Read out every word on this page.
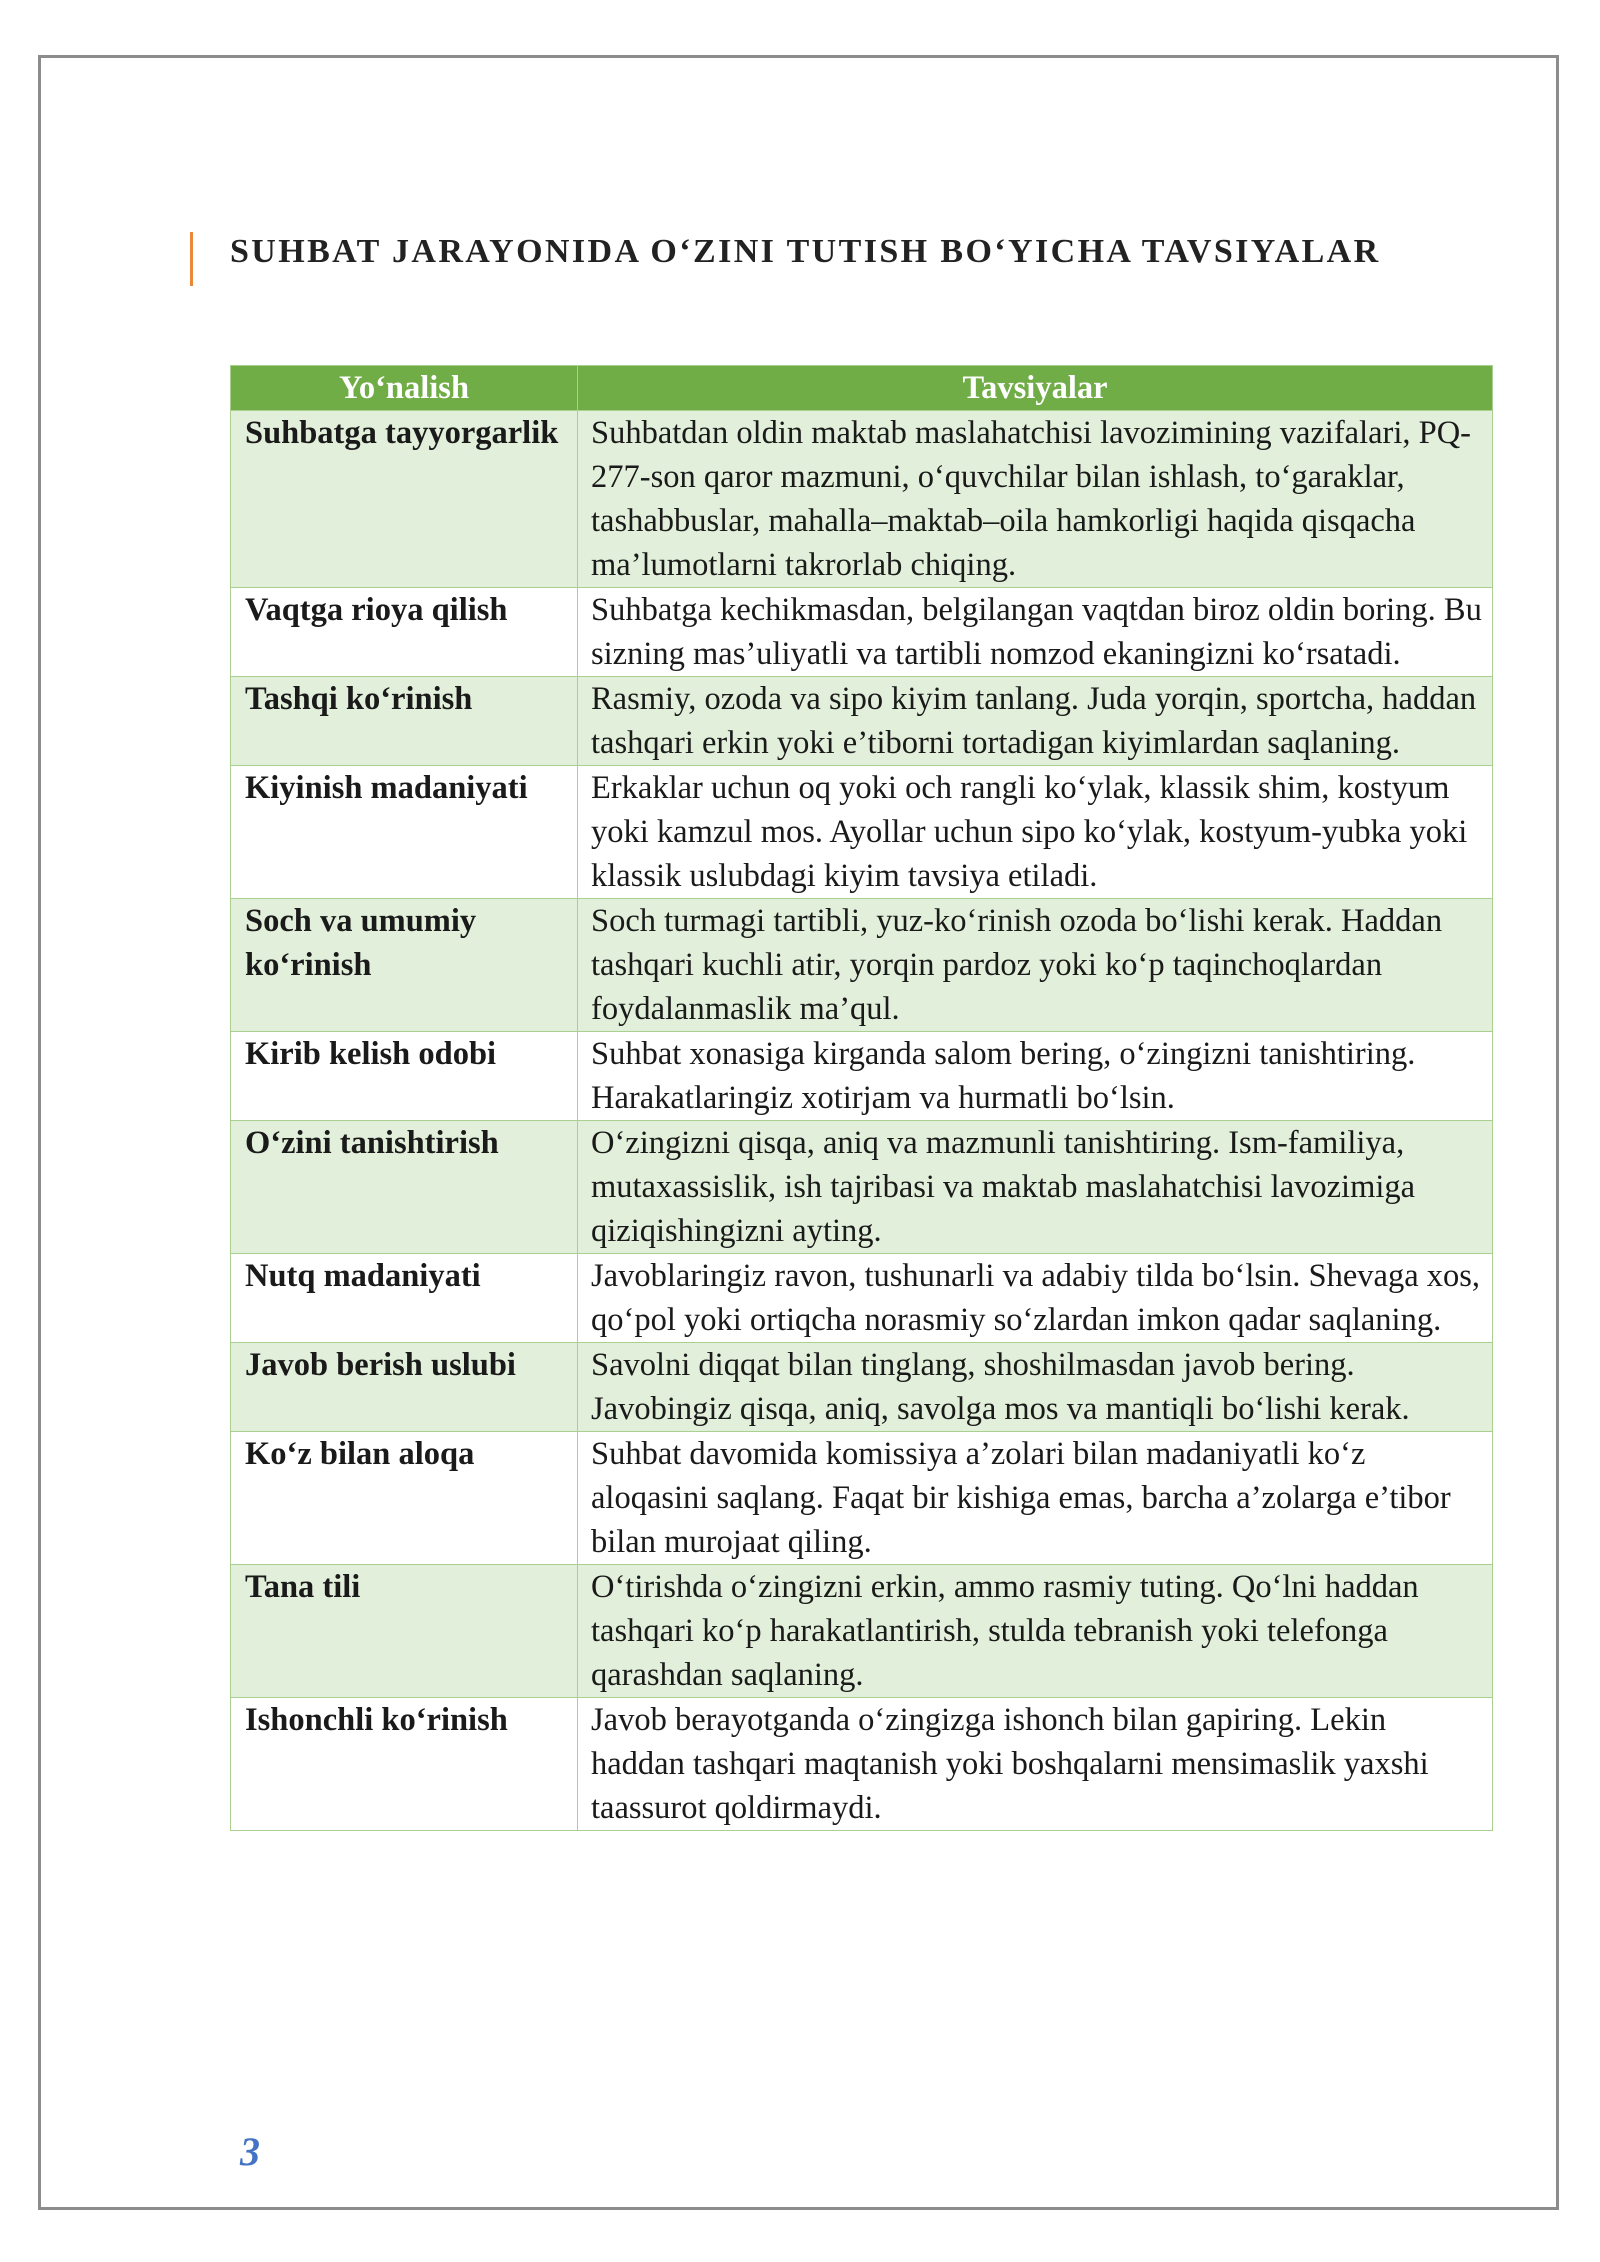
SUHBAT JARAYONIDA O‘ZINI TUTISH BO‘YICHA TAVSIYALAR
Yo‘nalish	Tavsiyalar
Suhbatga tayyorgarlik	Suhbatdan oldin maktab maslahatchisi lavozimining vazifalari, PQ-277-son qaror mazmuni, o‘quvchilar bilan ishlash, to‘garaklar, tashabbuslar, mahalla–maktab–oila hamkorligi haqida qisqacha ma’lumotlarni takrorlab chiqing.
Vaqtga rioya qilish	Suhbatga kechikmasdan, belgilangan vaqtdan biroz oldin boring. Bu sizning mas’uliyatli va tartibli nomzod ekaningizni ko‘rsatadi.
Tashqi ko‘rinish	Rasmiy, ozoda va sipo kiyim tanlang. Juda yorqin, sportcha, haddan tashqari erkin yoki e’tiborni tortadigan kiyimlardan saqlaning.
Kiyinish madaniyati	Erkaklar uchun oq yoki och rangli ko‘ylak, klassik shim, kostyum yoki kamzul mos. Ayollar uchun sipo ko‘ylak, kostyum-yubka yoki klassik uslubdagi kiyim tavsiya etiladi.
Soch va umumiy ko‘rinish	Soch turmagi tartibli, yuz-ko‘rinish ozoda bo‘lishi kerak. Haddan tashqari kuchli atir, yorqin pardoz yoki ko‘p taqinchoqlardan foydalanmaslik ma’qul.
Kirib kelish odobi	Suhbat xonasiga kirganda salom bering, o‘zingizni tanishtiring. Harakatlaringiz xotirjam va hurmatli bo‘lsin.
O‘zini tanishtirish	O‘zingizni qisqa, aniq va mazmunli tanishtiring. Ism-familiya, mutaxassislik, ish tajribasi va maktab maslahatchisi lavozimiga qiziqishingizni ayting.
Nutq madaniyati	Javoblaringiz ravon, tushunarli va adabiy tilda bo‘lsin. Shevaga xos, qo‘pol yoki ortiqcha norasmiy so‘zlardan imkon qadar saqlaning.
Javob berish uslubi	Savolni diqqat bilan tinglang, shoshilmasdan javob bering. Javobingiz qisqa, aniq, savolga mos va mantiqli bo‘lishi kerak.
Ko‘z bilan aloqa	Suhbat davomida komissiya a’zolari bilan madaniyatli ko‘z aloqasini saqlang. Faqat bir kishiga emas, barcha a’zolarga e’tibor bilan murojaat qiling.
Tana tili	O‘tirishda o‘zingizni erkin, ammo rasmiy tuting. Qo‘lni haddan tashqari ko‘p harakatlantirish, stulda tebranish yoki telefonga qarashdan saqlaning.
Ishonchli ko‘rinish	Javob berayotganda o‘zingizga ishonch bilan gapiring. Lekin haddan tashqari maqtanish yoki boshqalarni mensimaslik yaxshi taassurot qoldirmaydi.
3
